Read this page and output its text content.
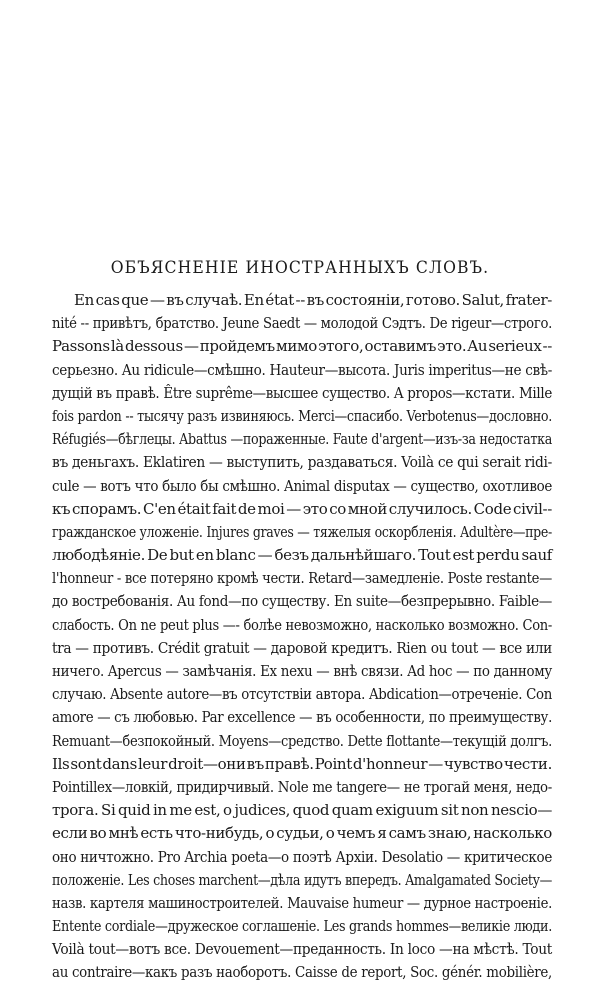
ОБЪЯСНЕНІЕ ИНОСТРАННЫХЪ СЛОВЪ.
En cas que — въ случаѣ. En état -- въ состояніи, готово. Salut, frater-
nité -- привѣтъ, братство. Jeune Saedt — молодой Сэдтъ. De rigeur—строго.
Passons là dessous — пройдемъ мимо этого, оставимъ это. Au serieux --
серьезно. Au ridicule—смѣшно. Hauteur—высота. Juris imperitus—не свѣ-
дущій въ правѣ. Être suprême—высшее существо. A propos—кстати. Mille
fois pardon -- тысячу разъ извиняюсь. Merci—спасибо. Verbotenus—дословно.
Réfugiés—бѣглецы. Abattus —пораженные. Faute d'argent—изъ-за недостатка
въ деньгахъ. Eklatiren — выступить, раздаваться. Voilà ce qui serait ridi-
cule — вотъ что было бы смѣшно. Animal disputax — существо, охотливое
къ спорамъ. C'en était fait de moi — это со мной случилось. Code civil--
гражданское уложеніе. Injures graves — тяжелыя оскорбленія. Adultère—пре-
любодѣяніе. De but en blanc — безъ дальнѣйшаго. Tout est perdu sauf
l'honneur - все потеряно кромѣ чести. Retard—замедленіе. Poste restante—
до востребованія. Au fond—по существу. En suite—безпрерывно. Faible—
слабость. On ne peut plus —- болѣе невозможно, насколько возможно. Con-
tra — противъ. Crédit gratuit — даровой кредитъ. Rien ou tout — все или
ничего. Apercus — замѣчанія. Ex nexu — внѣ связи. Ad hoc — по данному
случаю. Absente autore—въ отсутствіи автора. Abdication—отреченіе. Con
amore — съ любовью. Par excellence — въ особенности, по преимуществу.
Remuant—безпокойный. Moyens—средство. Dette flottante—текущій долгъ.
Ils sont dans leur droit—они въ правѣ. Point d'honneur — чувство чести.
Pointillex—ловкій, придирчивый. Nole me tangere— не трогай меня, недо-
трога. Si quid in me est, o judices, quod quam exiguum sit non nescio—
если во мнѣ есть что-нибудь, о судьи, о чемъ я самъ знаю, насколько
оно ничтожно. Pro Archia poeta—о поэтѣ Архіи. Desolatio — критическое
положеніе. Les choses marchent—дѣла идутъ впередъ. Amalgamated Society—
назв. картеля машиностроителей. Mauvaise humeur — дурное настроеніе.
Entente cordiale—дружеское соглашеніе. Les grands hommes—великіе люди.
Voilà tout—вотъ все. Devouement—преданность. In loco —на мѣстѣ. Tout
au contraire—какъ разъ наоборотъ. Caisse de report, Soc. génér. mobilière,
